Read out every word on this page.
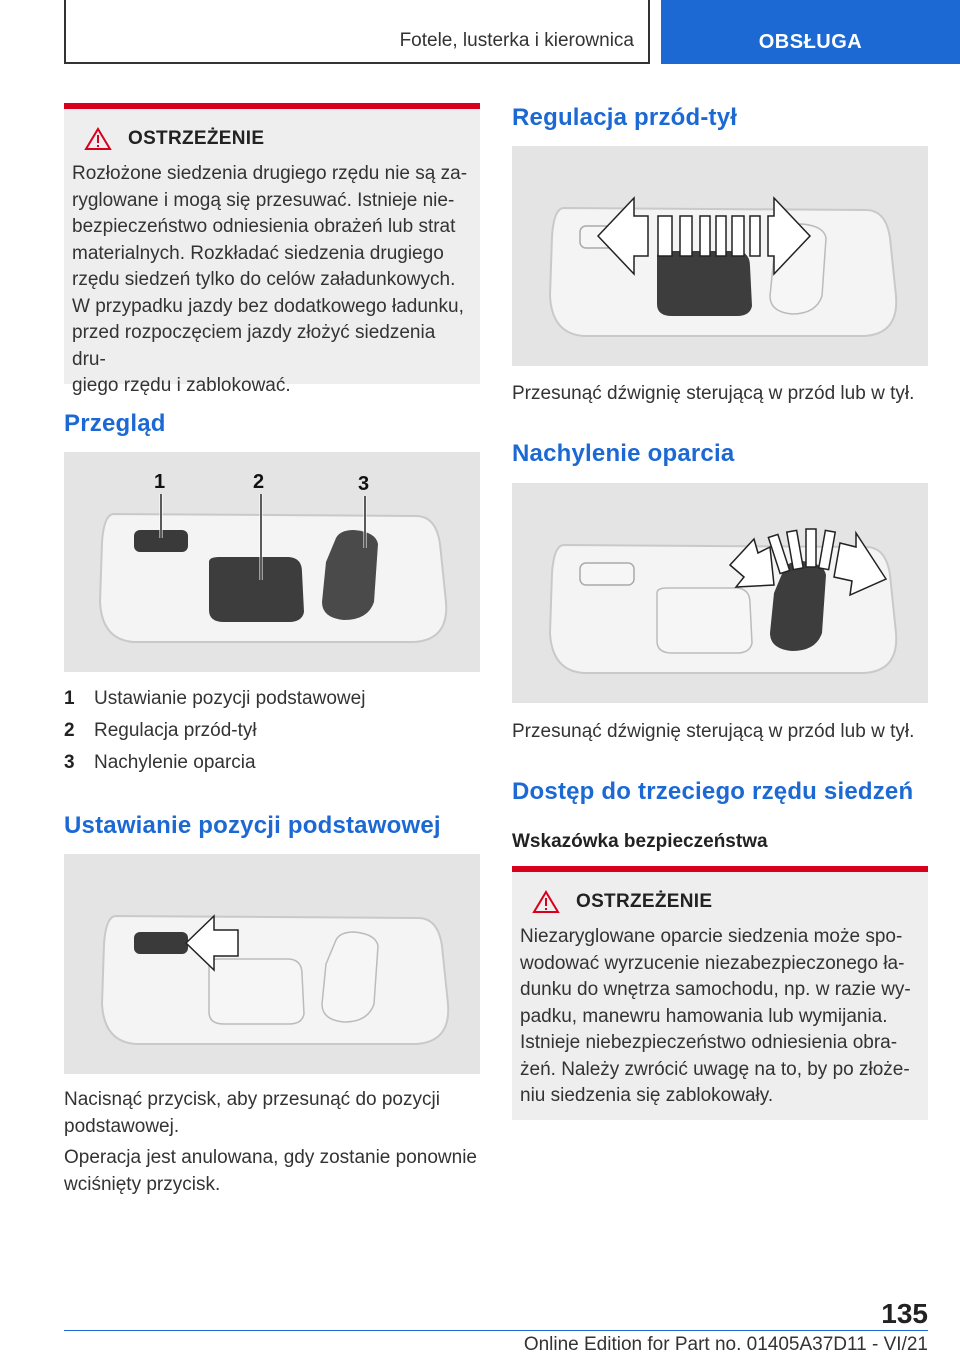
Fotele, lusterka i kierownica	OBSŁUGA
OSTRZEŻENIE
Rozłożone siedzenia drugiego rzędu nie są za-
ryglowane i mogą się przesuwać. Istnieje nie-
bezpieczeństwo odniesienia obrażeń lub strat
materialnych. Rozkładać siedzenia drugiego
rzędu siedzeń tylko do celów załadunkowych.
W przypadku jazdy bez dodatkowego ładunku,
przed rozpoczęciem jazdy złożyć siedzenia dru-
giego rzędu i zablokować.
Przegląd
1	2	3
1	Ustawianie pozycji podstawowej
2	Regulacja przód-tył
3	Nachylenie oparcia
Ustawianie pozycji podstawowej
Nacisnąć przycisk, aby przesunąć do pozycji
podstawowej.
Operacja jest anulowana, gdy zostanie ponownie
wciśnięty przycisk.
Regulacja przód-tył
Przesunąć dźwignię sterującą w przód lub w tył.
Nachylenie oparcia
Przesunąć dźwignię sterującą w przód lub w tył.
Dostęp do trzeciego rzędu siedzeń
Wskazówka bezpieczeństwa
OSTRZEŻENIE
Niezaryglowane oparcie siedzenia może spo-
wodować wyrzucenie niezabezpieczonego ła-
dunku do wnętrza samochodu, np. w razie wy-
padku, manewru hamowania lub wymijania.
Istnieje niebezpieczeństwo odniesienia obra-
żeń. Należy zwrócić uwagę na to, by po złoże-
niu siedzenia się zablokowały.
135
Online Edition for Part no. 01405A37D11 - VI/21
